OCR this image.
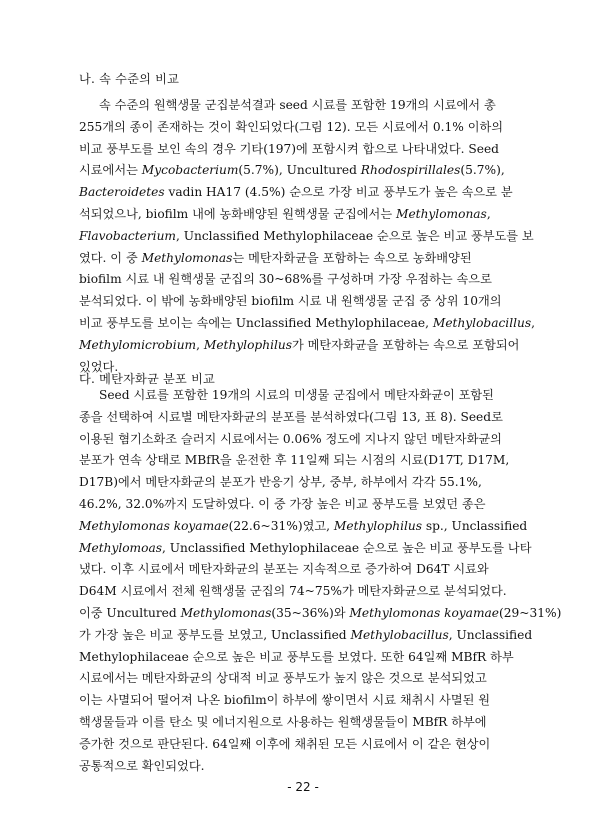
나. 속 수준의 비교
속 수준의 원핵생물 군집분석결과 seed 시료를 포함한 19개의 시료에서 총
255개의 종이 존재하는 것이 확인되었다(그림 12). 모든 시료에서 0.1% 이하의
비교 풍부도를 보인 속의 경우 기타(197)에 포함시켜 합으로 나타내었다. Seed
시료에서는 Mycobacterium(5.7%), Uncultured Rhodospirillales(5.7%),
Bacteroidetes vadin HA17 (4.5%) 순으로 가장 비교 풍부도가 높은 속으로 분
석되었으나, biofilm 내에 농화배양된 원핵생물 군집에서는 Methylomonas,
Flavobacterium, Unclassified Methylophilaceae 순으로 높은 비교 풍부도를 보
였다. 이 중 Methylomonas는 메탄자화균을 포함하는 속으로 농화배양된
biofilm 시료 내 원핵생물 군집의 30~68%를 구성하며 가장 우점하는 속으로
분석되었다. 이 밖에 농화배양된 biofilm 시료 내 원핵생물 군집 중 상위 10개의
비교 풍부도를 보이는 속에는 Unclassified Methylophilaceae, Methylobacillus,
Methylomicrobium, Methylophilus가 메탄자화균을 포함하는 속으로 포함되어
있었다.
다. 메탄자화균 분포 비교
Seed 시료를 포함한 19개의 시료의 미생물 군집에서 메탄자화균이 포함된
종을 선택하여 시료별 메탄자화균의 분포를 분석하였다(그림 13, 표 8). Seed로
이용된 혐기소화조 슬러지 시료에서는 0.06% 정도에 지나지 않던 메탄자화균의
분포가 연속 상태로 MBfR을 운전한 후 11일째 되는 시점의 시료(D17T, D17M,
D17B)에서 메탄자화균의 분포가 반응기 상부, 중부, 하부에서 각각 55.1%,
46.2%, 32.0%까지 도달하였다. 이 중 가장 높은 비교 풍부도를 보였던 종은
Methylomonas koyamae(22.6~31%)였고, Methylophilus sp., Unclassified
Methylomoas, Unclassified Methylophilaceae 순으로 높은 비교 풍부도를 나타
냈다. 이후 시료에서 메탄자화균의 분포는 지속적으로 증가하여 D64T 시료와
D64M 시료에서 전체 원핵생물 군집의 74~75%가 메탄자화균으로 분석되었다.
이중 Uncultured Methylomonas(35~36%)와 Methylomonas koyamae(29~31%)
가 가장 높은 비교 풍부도를 보였고, Unclassified Methylobacillus, Unclassified
Methylophilaceae 순으로 높은 비교 풍부도를 보였다. 또한 64일째 MBfR 하부
시료에서는 메탄자화균의 상대적 비교 풍부도가 높지 않은 것으로 분석되었고
이는 사멸되어 떨어져 나온 biofilm이 하부에 쌓이면서 시료 채취시 사멸된 원
핵생물들과 이를 탄소 및 에너지원으로 사용하는 원핵생물들이 MBfR 하부에
증가한 것으로 판단된다. 64일째 이후에 채취된 모든 시료에서 이 같은 현상이
공통적으로 확인되었다.
- 22 -
